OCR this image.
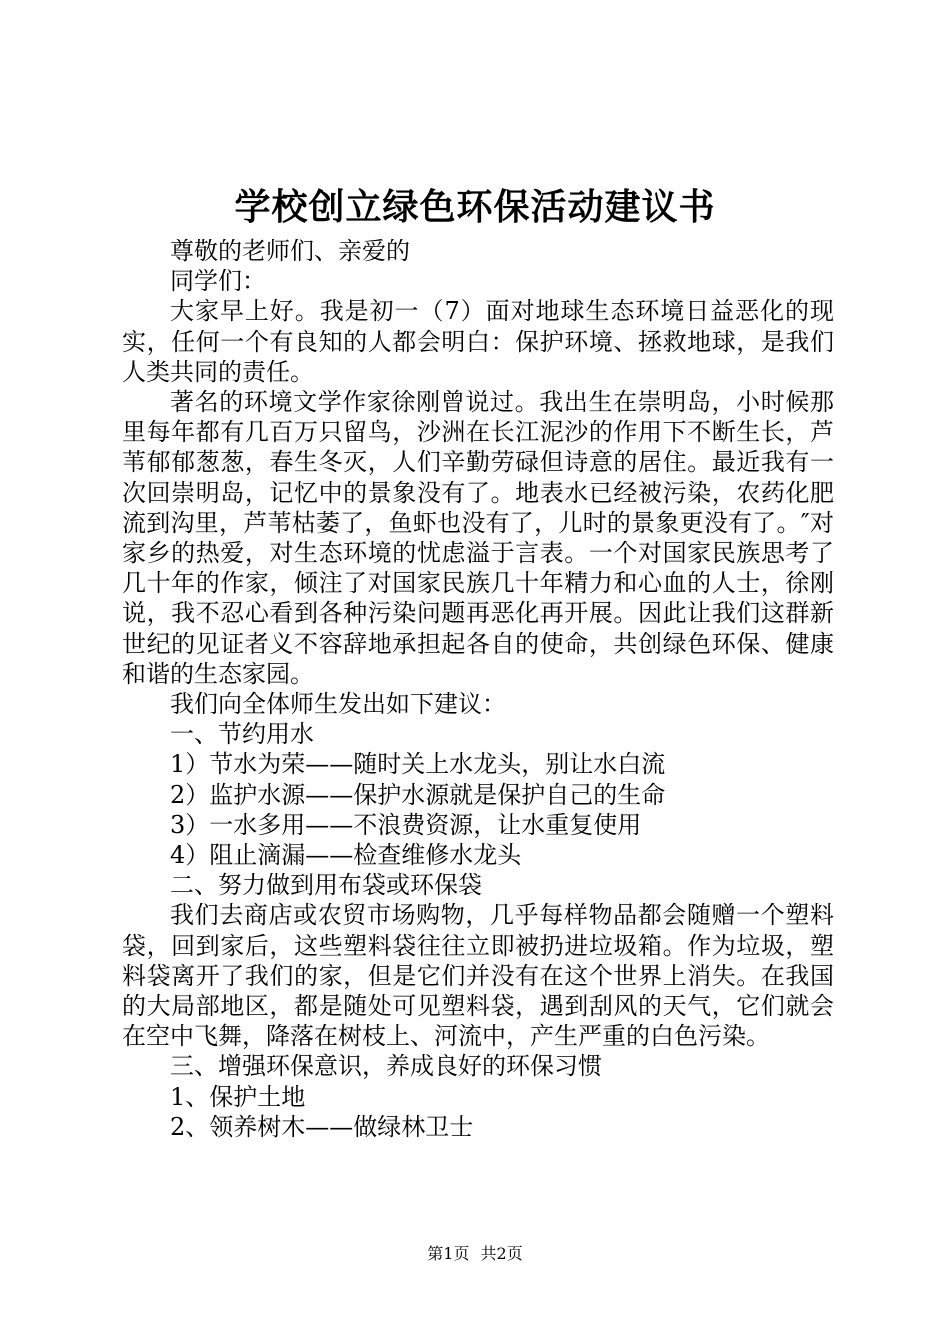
学校创立绿色环保活动建议书

尊敬的老师们、亲爱的

同学们：

大家早上好。我是初一（7）面对地球生态环境日益恶化的现实，任何一个有良知的人都会明白：保护环境、拯救地球，是我们人类共同的责任。

著名的环境文学作家徐刚曾说过。我出生在崇明岛，小时候那里每年都有几百万只留鸟，沙洲在长江泥沙的作用下不断生长，芦苇郁郁葱葱，春生冬灭，人们辛勤劳碌但诗意的居住。最近我有一次回崇明岛，记忆中的景象没有了。地表水已经被污染，农药化肥流到沟里，芦苇枯萎了，鱼虾也没有了，儿时的景象更没有了。″对家乡的热爱，对生态环境的忧虑溢于言表。一个对国家民族思考了几十年的作家，倾注了对国家民族几十年精力和心血的人士，徐刚说，我不忍心看到各种污染问题再恶化再开展。因此让我们这群新世纪的见证者义不容辞地承担起各自的使命，共创绿色环保、健康和谐的生态家园。

我们向全体师生发出如下建议：

一、节约用水

1）节水为荣——随时关上水龙头，别让水白流

2）监护水源——保护水源就是保护自己的生命

3）一水多用——不浪费资源，让水重复使用

4）阻止滴漏——检查维修水龙头

二、努力做到用布袋或环保袋

我们去商店或农贸市场购物，几乎每样物品都会随赠一个塑料袋，回到家后，这些塑料袋往往立即被扔进垃圾箱。作为垃圾，塑料袋离开了我们的家，但是它们并没有在这个世界上消失。在我国的大局部地区，都是随处可见塑料袋，遇到刮风的天气，它们就会在空中飞舞，降落在树枝上、河流中，产生严重的白色污染。

三、增强环保意识，养成良好的环保习惯

1、保护土地

2、领养树木——做绿林卫士

第1页 共2页
